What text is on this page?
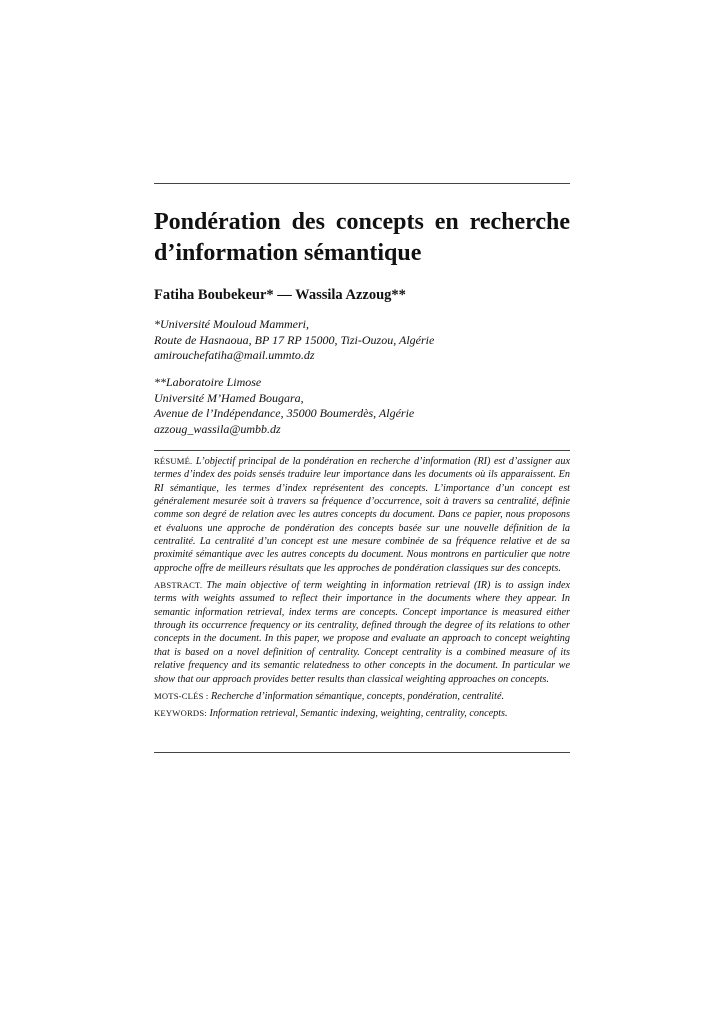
Pondération des concepts en recherche
d’information sémantique
Fatiha Boubekeur* — Wassila Azzoug**
*Université Mouloud Mammeri,
Route de Hasnaoua, BP 17 RP 15000, Tizi-Ouzou, Algérie
amirouchefatiha@mail.ummto.dz
**Laboratoire Limose
Université M’Hamed Bougara,
Avenue de l’Indépendance, 35000 Boumerdès, Algérie
azzoug_wassila@umbb.dz

RÉSUMÉ. L’objectif principal de la pondération en recherche d’information (RI) est d’assigner aux termes d’index des poids sensés traduire leur importance dans les documents où ils apparaissent. En RI sémantique, les termes d’index représentent des concepts. L’importance d’un concept est généralement mesurée soit à travers sa fréquence d’occurrence, soit à travers sa centralité, définie comme son degré de relation avec les autres concepts du document. Dans ce papier, nous proposons et évaluons une approche de pondération des concepts basée sur une nouvelle définition de la centralité. La centralité d’un concept est une mesure combinée de sa fréquence relative et de sa proximité sémantique avec les autres concepts du document. Nous montrons en particulier que notre approche offre de meilleurs résultats que les approches de pondération classiques sur des concepts.

ABSTRACT. The main objective of term weighting in information retrieval (IR) is to assign index terms with weights assumed to reflect their importance in the documents where they appear. In semantic information retrieval, index terms are concepts. Concept importance is measured either through its occurrence frequency or its centrality, defined through the degree of its relations to other concepts in the document. In this paper, we propose and evaluate an approach to concept weighting that is based on a novel definition of centrality. Concept centrality is a combined measure of its relative frequency and its semantic relatedness to other concepts in the document. In particular we show that our approach provides better results than classical weighting approaches on concepts.

MOTS-CLÉS : Recherche d’information sémantique, concepts, pondération, centralité.

KEYWORDS: Information retrieval, Semantic indexing, weighting, centrality, concepts.
